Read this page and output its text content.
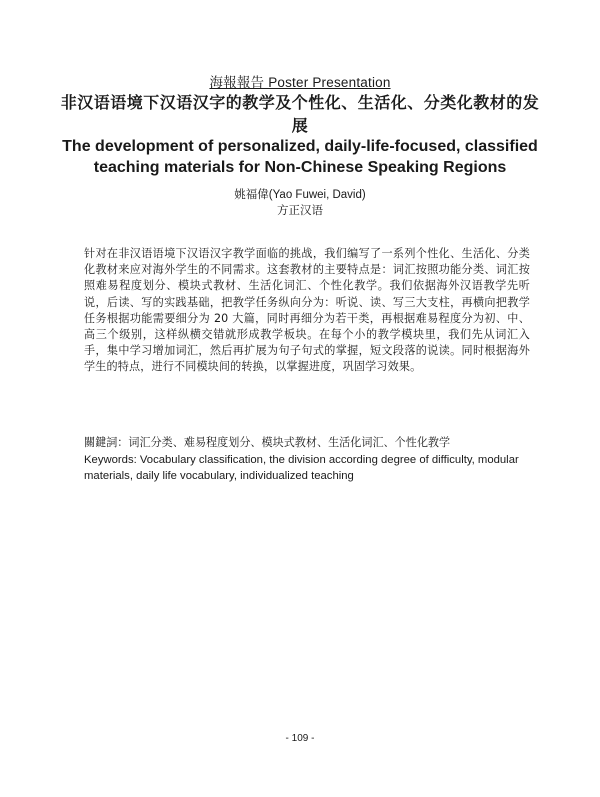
海報報告 Poster Presentation
非汉语语境下汉语汉字的教学及个性化、生活化、分类化教材的发展
The development of personalized, daily-life-focused, classified teaching materials for Non-Chinese Speaking Regions
姚福偉(Yao Fuwei, David)
方正汉语
针对在非汉语语境下汉语汉字教学面临的挑战，我们编写了一系列个性化、生活化、分类化教材来应对海外学生的不同需求。这套教材的主要特点是：词汇按照功能分类、词汇按照难易程度划分、模块式教材、生活化词汇、个性化教学。我们依据海外汉语教学先听说，后读、写的实践基础，把教学任务纵向分为：听说、读、写三大支柱，再横向把教学任务根据功能需要细分为 20 大篇，同时再细分为若干类，再根据难易程度分为初、中、高三个级别，这样纵横交错就形成教学板块。在每个小的教学模块里，我们先从词汇入手，集中学习增加词汇，然后再扩展为句子句式的掌握，短文段落的说读。同时根据海外学生的特点，进行不同模块间的转换，以掌握进度，巩固学习效果。
關鍵詞：词汇分类、难易程度划分、模块式教材、生活化词汇、个性化教学
Keywords: Vocabulary classification, the division according degree of difficulty, modular materials, daily life vocabulary, individualized teaching
- 109 -
